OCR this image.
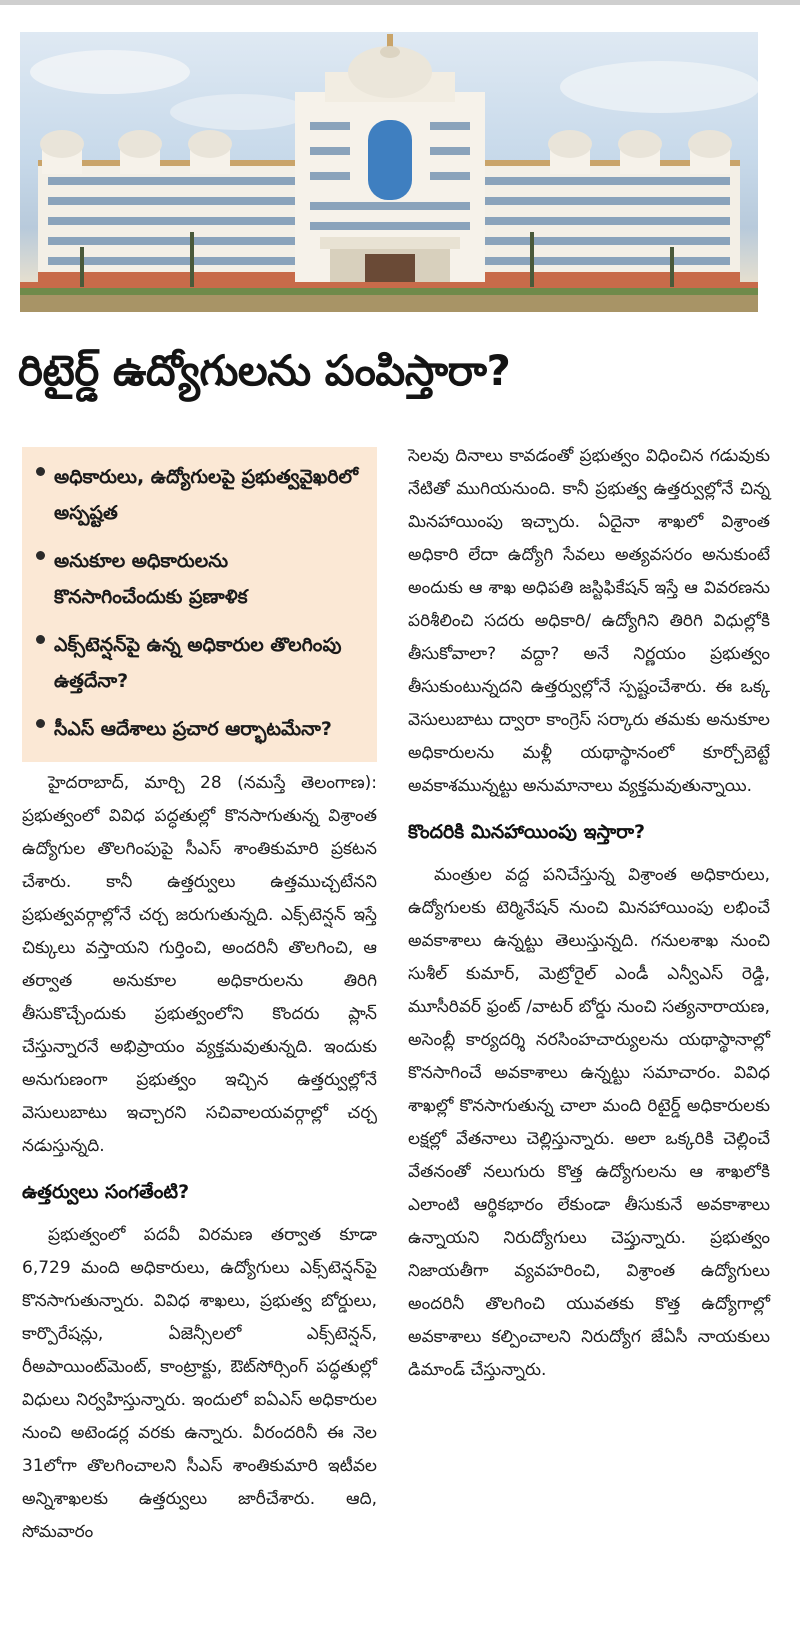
రిటైర్డ్ ఉద్యోగులను పంపిస్తారా?
అధికారులు, ఉద్యోగులపై ప్రభుత్వవైఖరిలో అస్పష్టత
అనుకూల అధికారులను కొనసాగించేందుకు ప్రణాళిక
ఎక్స్‌టెన్షన్‌పై ఉన్న అధికారుల తొలగింపు ఉత్తదేనా?
సీఎస్ ఆదేశాలు ప్రచార ఆర్భాటమేనా?

హైదరాబాద్, మార్చి 28 (నమస్తే తెలంగాణ): ప్రభుత్వంలో వివిధ పద్ధతుల్లో కొనసాగుతున్న విశ్రాంత ఉద్యోగుల తొలగింపుపై సీఎస్ శాంతికుమారి ప్రకటన చేశారు. కానీ ఉత్తర్వులు ఉత్తముచ్చటేనని ప్రభుత్వవర్గాల్లోనే చర్చ జరుగుతున్నది. ఎక్స్‌టెన్షన్ ఇస్తే చిక్కులు వస్తాయని గుర్తించి, అందరినీ తొలగించి, ఆ తర్వాత అనుకూల అధికారులను తిరిగి తీసుకొచ్చేందుకు ప్రభుత్వంలోని కొందరు ప్లాన్ చేస్తున్నారనే అభిప్రాయం వ్యక్తమవుతున్నది. ఇందుకు అనుగుణంగా ప్రభుత్వం ఇచ్చిన ఉత్తర్వుల్లోనే వెసులుబాటు ఇచ్చారని సచివాలయవర్గాల్లో చర్చ నడుస్తున్నది.

ఉత్తర్వులు సంగతేంటి?

ప్రభుత్వంలో పదవీ విరమణ తర్వాత కూడా 6,729 మంది అధికారులు, ఉద్యోగులు ఎక్స్‌టెన్షన్‌పై కొనసాగుతున్నారు. వివిధ శాఖలు, ప్రభుత్వ బోర్డులు, కార్పొరేషన్లు, ఏజెన్సీలలో ఎక్స్‌టెన్షన్, రీఅపాయింట్‌మెంట్, కాంట్రాక్టు, ఔట్‌సోర్సింగ్ పద్ధతుల్లో విధులు నిర్వహిస్తున్నారు. ఇందులో ఐఏఎస్ అధికారుల నుంచి అటెండర్ల వరకు ఉన్నారు. వీరందరినీ ఈ నెల 31లోగా తొలగించాలని సీఎస్ శాంతికుమారి ఇటీవల అన్నిశాఖలకు ఉత్తర్వులు జారీచేశారు. ఆది, సోమవారం

సెలవు దినాలు కావడంతో ప్రభుత్వం విధించిన గడువుకు నేటితో ముగియనుంది. కానీ ప్రభుత్వ ఉత్తర్వుల్లోనే చిన్న మినహాయింపు ఇచ్చారు. ఏదైనా శాఖలో విశ్రాంత అధికారి లేదా ఉద్యోగి సేవలు అత్యవసరం అనుకుంటే అందుకు ఆ శాఖ అధిపతి జస్టిఫికేషన్ ఇస్తే ఆ వివరణను పరిశీలించి సదరు అధికారి/ ఉద్యోగిని తిరిగి విధుల్లోకి తీసుకోవాలా? వద్దా? అనే నిర్ణయం ప్రభుత్వం తీసుకుంటున్నదని ఉత్తర్వుల్లోనే స్పష్టంచేశారు. ఈ ఒక్క వెసులుబాటు ద్వారా కాంగ్రెస్ సర్కారు తమకు అనుకూల అధికారులను మళ్లీ యథాస్థానంలో కూర్చోబెట్టే అవకాశమున్నట్టు అనుమానాలు వ్యక్తమవుతున్నాయి.

కొందరికి మినహాయింపు ఇస్తారా?

మంత్రుల వద్ద పనిచేస్తున్న విశ్రాంత అధికారులు, ఉద్యోగులకు టెర్మినేషన్ నుంచి మినహాయింపు లభించే అవకాశాలు ఉన్నట్టు తెలుస్తున్నది. గనులశాఖ నుంచి సుశీల్ కుమార్, మెట్రోరైల్ ఎండీ ఎన్వీఎస్ రెడ్డి, మూసీరివర్ ఫ్రంట్ /వాటర్ బోర్డు నుంచి సత్యనారాయణ, అసెంబ్లీ కార్యదర్శి నరసింహచార్యులను యథాస్థానాల్లో కొనసాగించే అవకాశాలు ఉన్నట్టు సమాచారం. వివిధ శాఖల్లో కొనసాగుతున్న చాలా మంది రిటైర్డ్ అధికారులకు లక్షల్లో వేతనాలు చెల్లిస్తున్నారు. అలా ఒక్కరికి చెల్లించే వేతనంతో నలుగురు కొత్త ఉద్యోగులను ఆ శాఖలోకి ఎలాంటి ఆర్థికభారం లేకుండా తీసుకునే అవకాశాలు ఉన్నాయని నిరుద్యోగులు చెప్తున్నారు. ప్రభుత్వం నిజాయతీగా వ్యవహరించి, విశ్రాంత ఉద్యోగులు అందరినీ తొలగించి యువతకు కొత్త ఉద్యోగాల్లో అవకాశాలు కల్పించాలని నిరుద్యోగ జేఏసీ నాయకులు డిమాండ్ చేస్తున్నారు.
